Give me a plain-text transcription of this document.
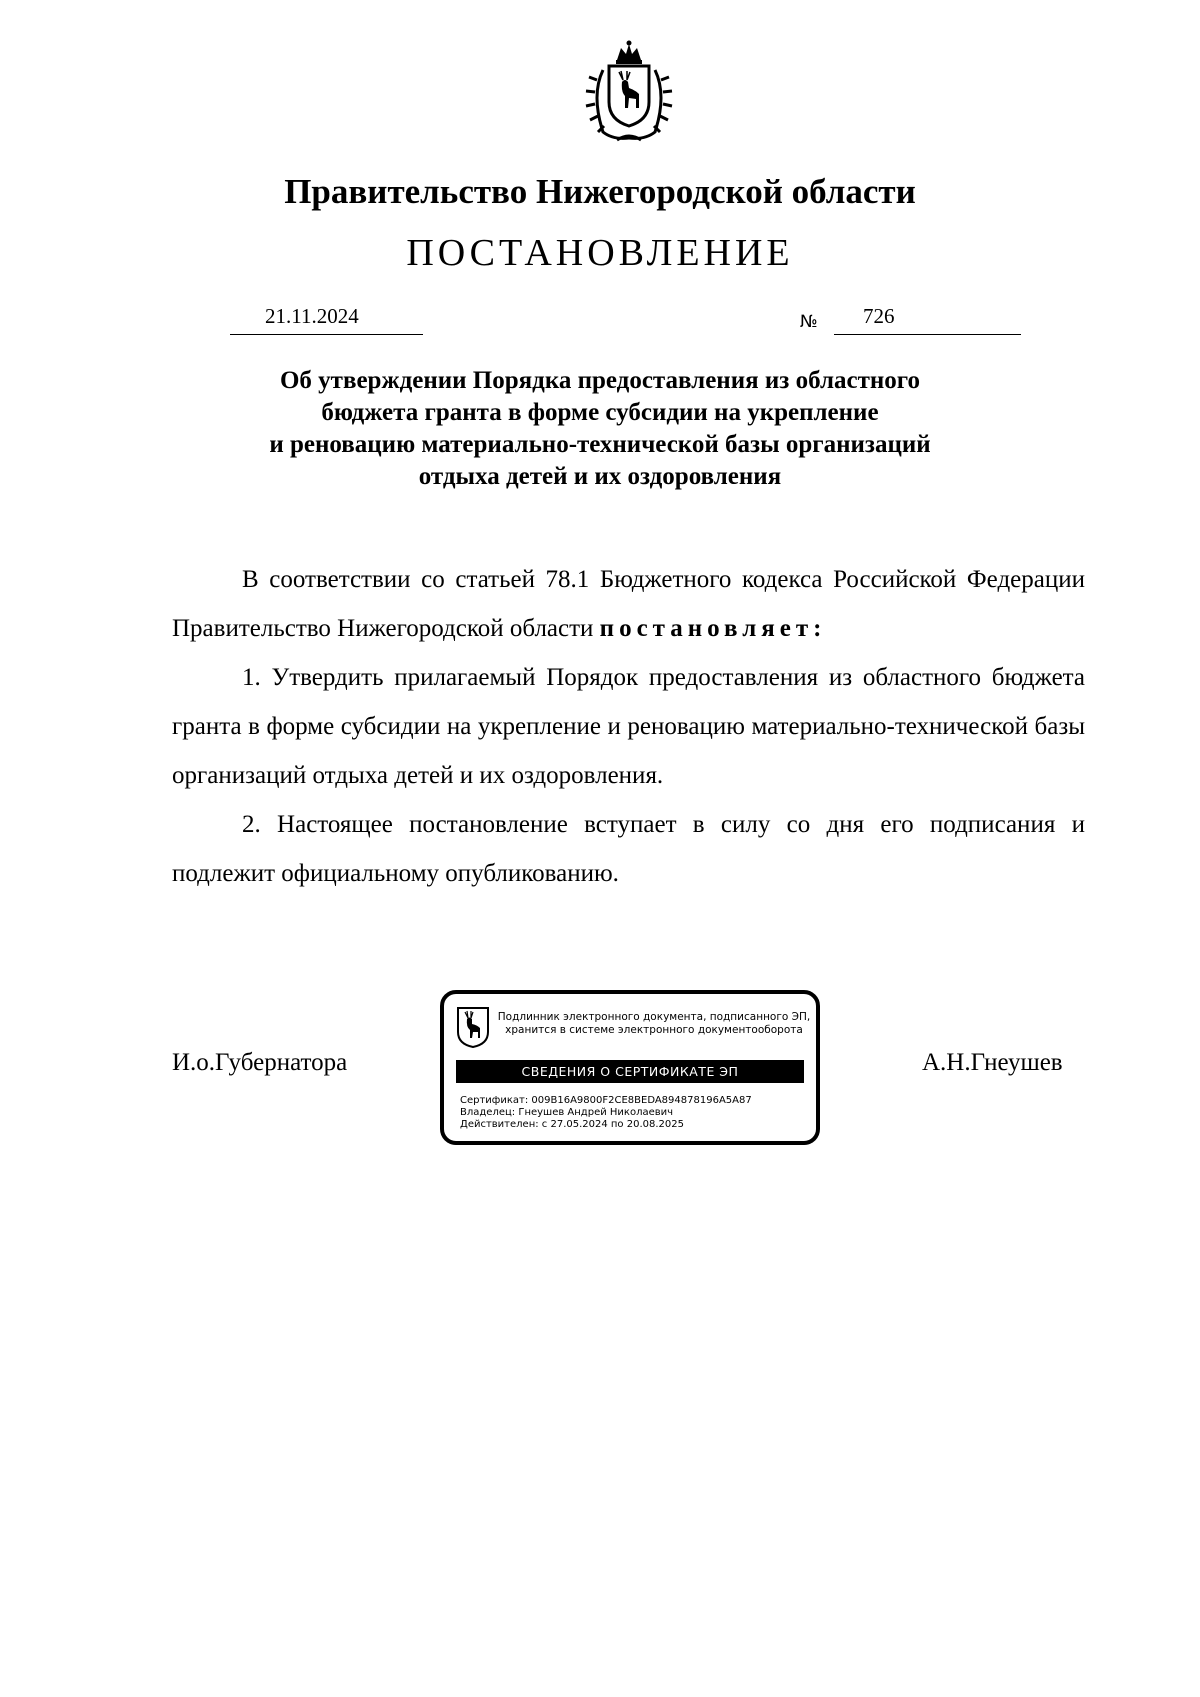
Правительство Нижегородской области
ПОСТАНОВЛЕНИЕ
21.11.2024	№ 726
Об утверждении Порядка предоставления из областного
бюджета гранта в форме субсидии на укрепление
и реновацию материально-технической базы организаций
отдыха детей и их оздоровления

В соответствии со статьей 78.1 Бюджетного кодекса Российской Федерации Правительство Нижегородской области постановляет:

1. Утвердить прилагаемый Порядок предоставления из областного бюджета гранта в форме субсидии на укрепление и реновацию материально-технической базы организаций отдыха детей и их оздоровления.

2. Настоящее постановление вступает в силу со дня его подписания и подлежит официальному опубликованию.

И.о.Губернатора
Подлинник электронного документа, подписанного ЭП,
хранится в системе электронного документооборота
СВЕДЕНИЯ О СЕРТИФИКАТЕ ЭП
Сертификат: 009B16A9800F2CE8BEDA894878196A5A87
Владелец: Гнеушев Андрей Николаевич
Действителен: с 27.05.2024 по 20.08.2025
А.Н.Гнеушев
